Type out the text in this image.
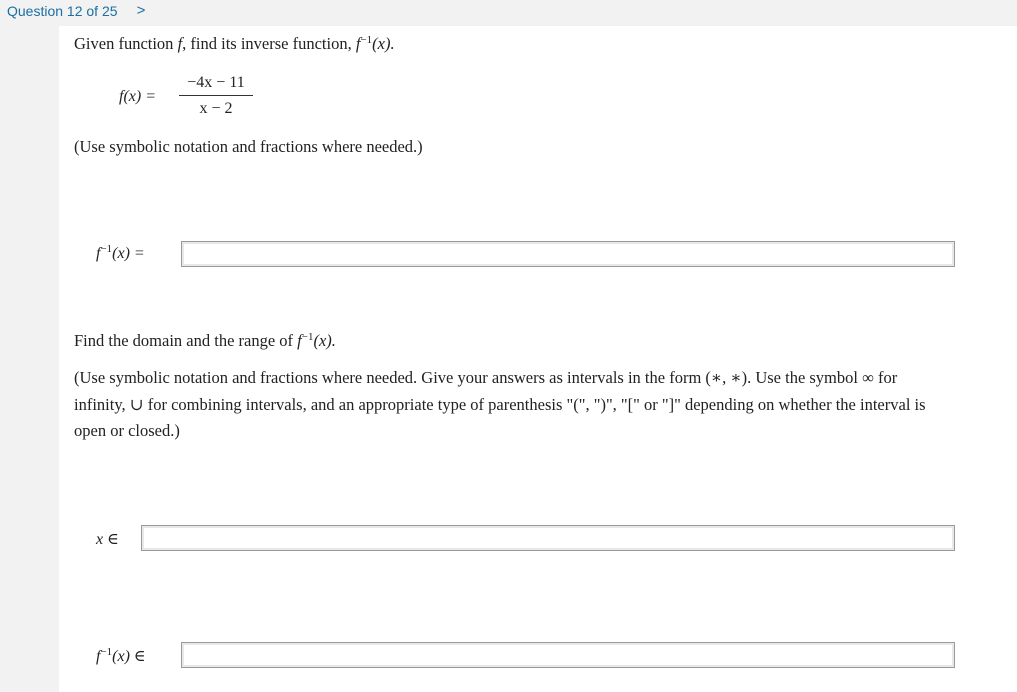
Question 12 of 25 >
Given function f, find its inverse function, $f^{-1}(x)$.
f(x) =
−4x − 11
x − 2
(Use symbolic notation and fractions where needed.)
$f^{-1}(x)$ =
Find the domain and the range of $f^{-1}(x)$.
(Use symbolic notation and fractions where needed. Give your answers as intervals in the form (∗, ∗). Use the symbol ∞ for
infinity, ∪ for combining intervals, and an appropriate type of parenthesis "(", ")", "[" or "]" depending on whether the interval is
open or closed.)
x ∈
$f^{-1}(x)$ ∈
